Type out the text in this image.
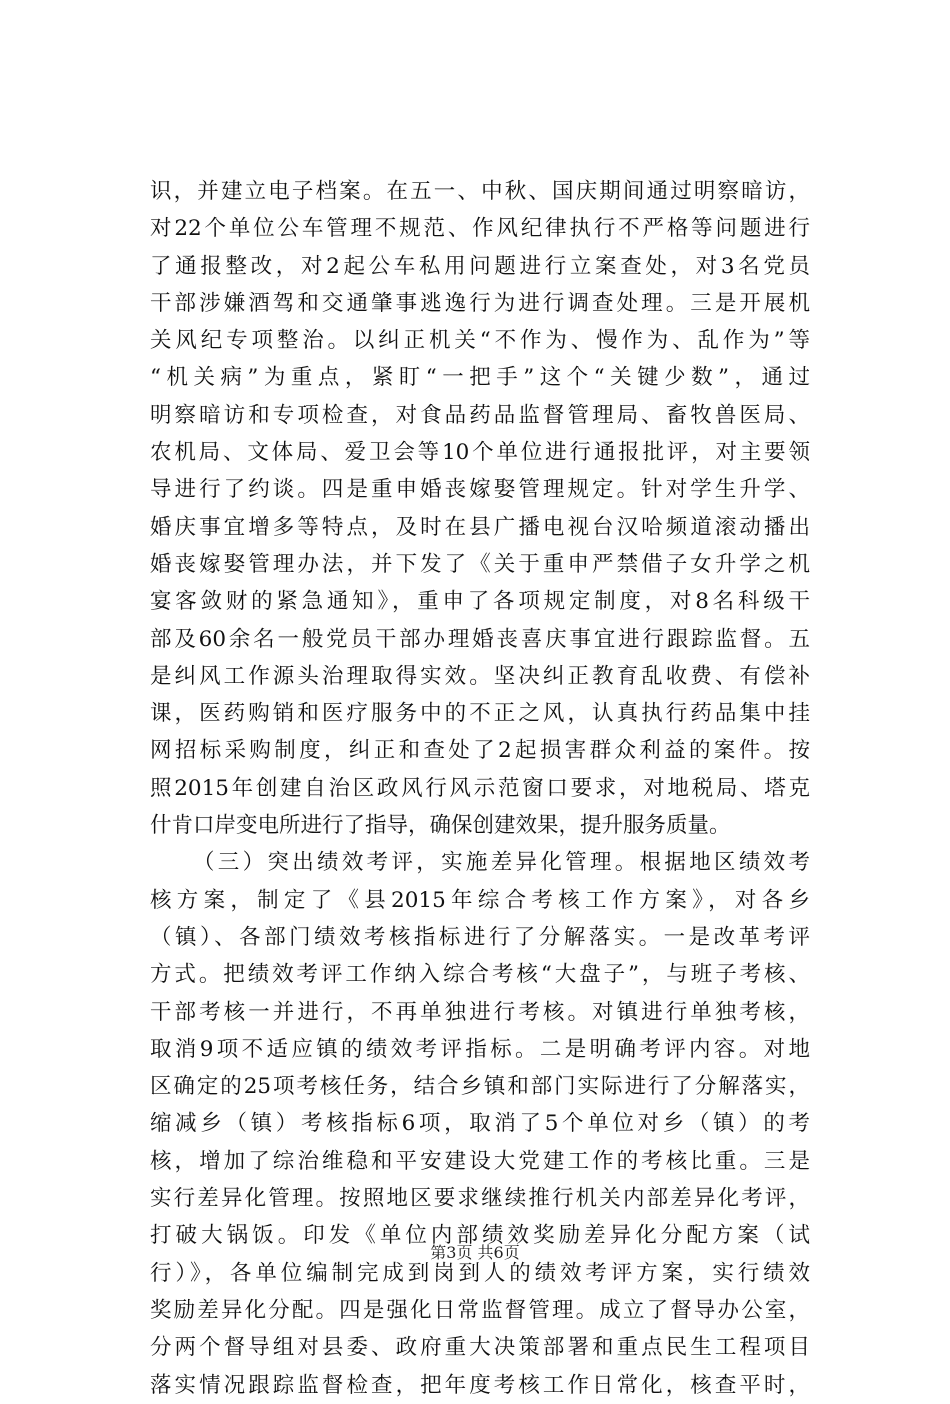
识，并建立电子档案。在五一、中秋、国庆期间通过明察暗访，
对22个单位公车管理不规范、作风纪律执行不严格等问题进行
了通报整改，对2起公车私用问题进行立案查处，对3名党员
干部涉嫌酒驾和交通肇事逃逸行为进行调查处理。三是开展机
关风纪专项整治。以纠正机关“不作为、慢作为、乱作为”等
“机关病”为重点，紧盯“一把手”这个“关键少数”，通过
明察暗访和专项检查，对食品药品监督管理局、畜牧兽医局、
农机局、文体局、爱卫会等10个单位进行通报批评，对主要领
导进行了约谈。四是重申婚丧嫁娶管理规定。针对学生升学、
婚庆事宜增多等特点，及时在县广播电视台汉哈频道滚动播出
婚丧嫁娶管理办法，并下发了《关于重申严禁借子女升学之机
宴客敛财的紧急通知》，重申了各项规定制度，对8名科级干
部及60余名一般党员干部办理婚丧喜庆事宜进行跟踪监督。五
是纠风工作源头治理取得实效。坚决纠正教育乱收费、有偿补
课，医药购销和医疗服务中的不正之风，认真执行药品集中挂
网招标采购制度，纠正和查处了2起损害群众利益的案件。按
照2015年创建自治区政风行风示范窗口要求，对地税局、塔克
什肯口岸变电所进行了指导，确保创建效果，提升服务质量。
（三）突出绩效考评，实施差异化管理。根据地区绩效考
核方案，制定了《县2015年综合考核工作方案》，对各乡
（镇）、各部门绩效考核指标进行了分解落实。一是改革考评
方式。把绩效考评工作纳入综合考核“大盘子”，与班子考核、
干部考核一并进行，不再单独进行考核。对镇进行单独考核，
取消9项不适应镇的绩效考评指标。二是明确考评内容。对地
区确定的25项考核任务，结合乡镇和部门实际进行了分解落实，
缩减乡（镇）考核指标6项，取消了5个单位对乡（镇）的考
核，增加了综治维稳和平安建设大党建工作的考核比重。三是
实行差异化管理。按照地区要求继续推行机关内部差异化考评，
打破大锅饭。印发《单位内部绩效奖励差异化分配方案（试
行）》，各单位编制完成到岗到人的绩效考评方案，实行绩效
奖励差异化分配。四是强化日常监督管理。成立了督导办公室，
分两个督导组对县委、政府重大决策部署和重点民生工程项目
落实情况跟踪监督检查，把年度考核工作日常化，核查平时，
第3页 共6页
